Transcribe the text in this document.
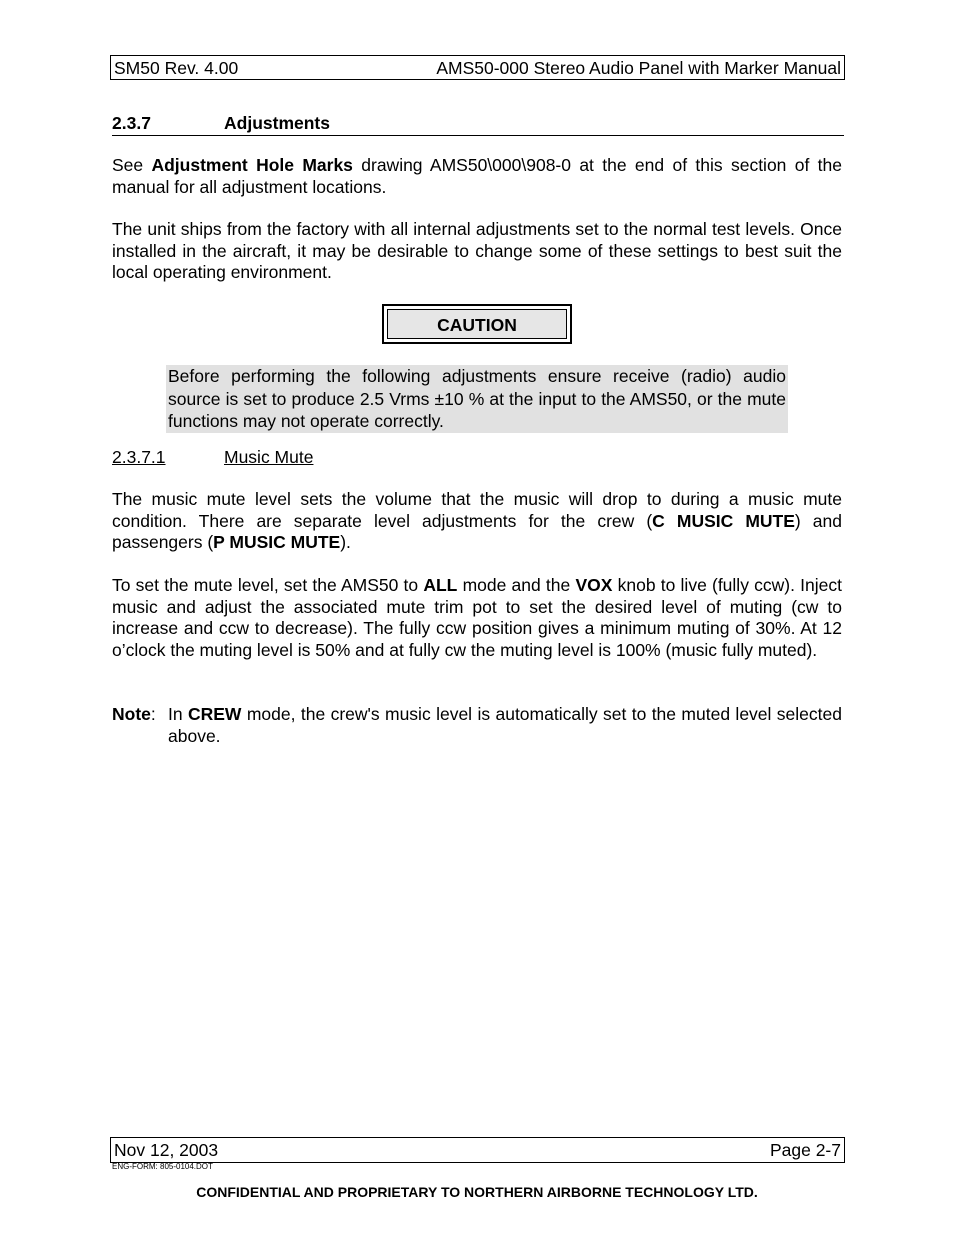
SM50 Rev. 4.00	AMS50-000 Stereo Audio Panel with Marker Manual
2.3.7	Adjustments

See Adjustment Hole Marks drawing AMS50\000\908-0 at the end of this section of the manual for all adjustment locations.

The unit ships from the factory with all internal adjustments set to the normal test levels. Once installed in the aircraft, it may be desirable to change some of these settings to best suit the local operating environment.

CAUTION
Before performing the following adjustments ensure receive (radio) audio source is set to produce 2.5 Vrms ±10 % at the input to the AMS50, or the mute functions may not operate correctly.
2.3.7.1	Music Mute

The music mute level sets the volume that the music will drop to during a music mute condition. There are separate level adjustments for the crew (C MUSIC MUTE) and passengers (P MUSIC MUTE).

To set the mute level, set the AMS50 to ALL mode and the VOX knob to live (fully ccw). Inject music and adjust the associated mute trim pot to set the desired level of muting (cw to increase and ccw to decrease). The fully ccw position gives a minimum muting of 30%. At 12 o’clock the muting level is 50% and at fully cw the muting level is 100% (music fully muted).

Note: In CREW mode, the crew's music level is automatically set to the muted level selected above.
Nov 12, 2003	Page 2-7
ENG-FORM: 805-0104.DOT
CONFIDENTIAL AND PROPRIETARY TO NORTHERN AIRBORNE TECHNOLOGY LTD.
